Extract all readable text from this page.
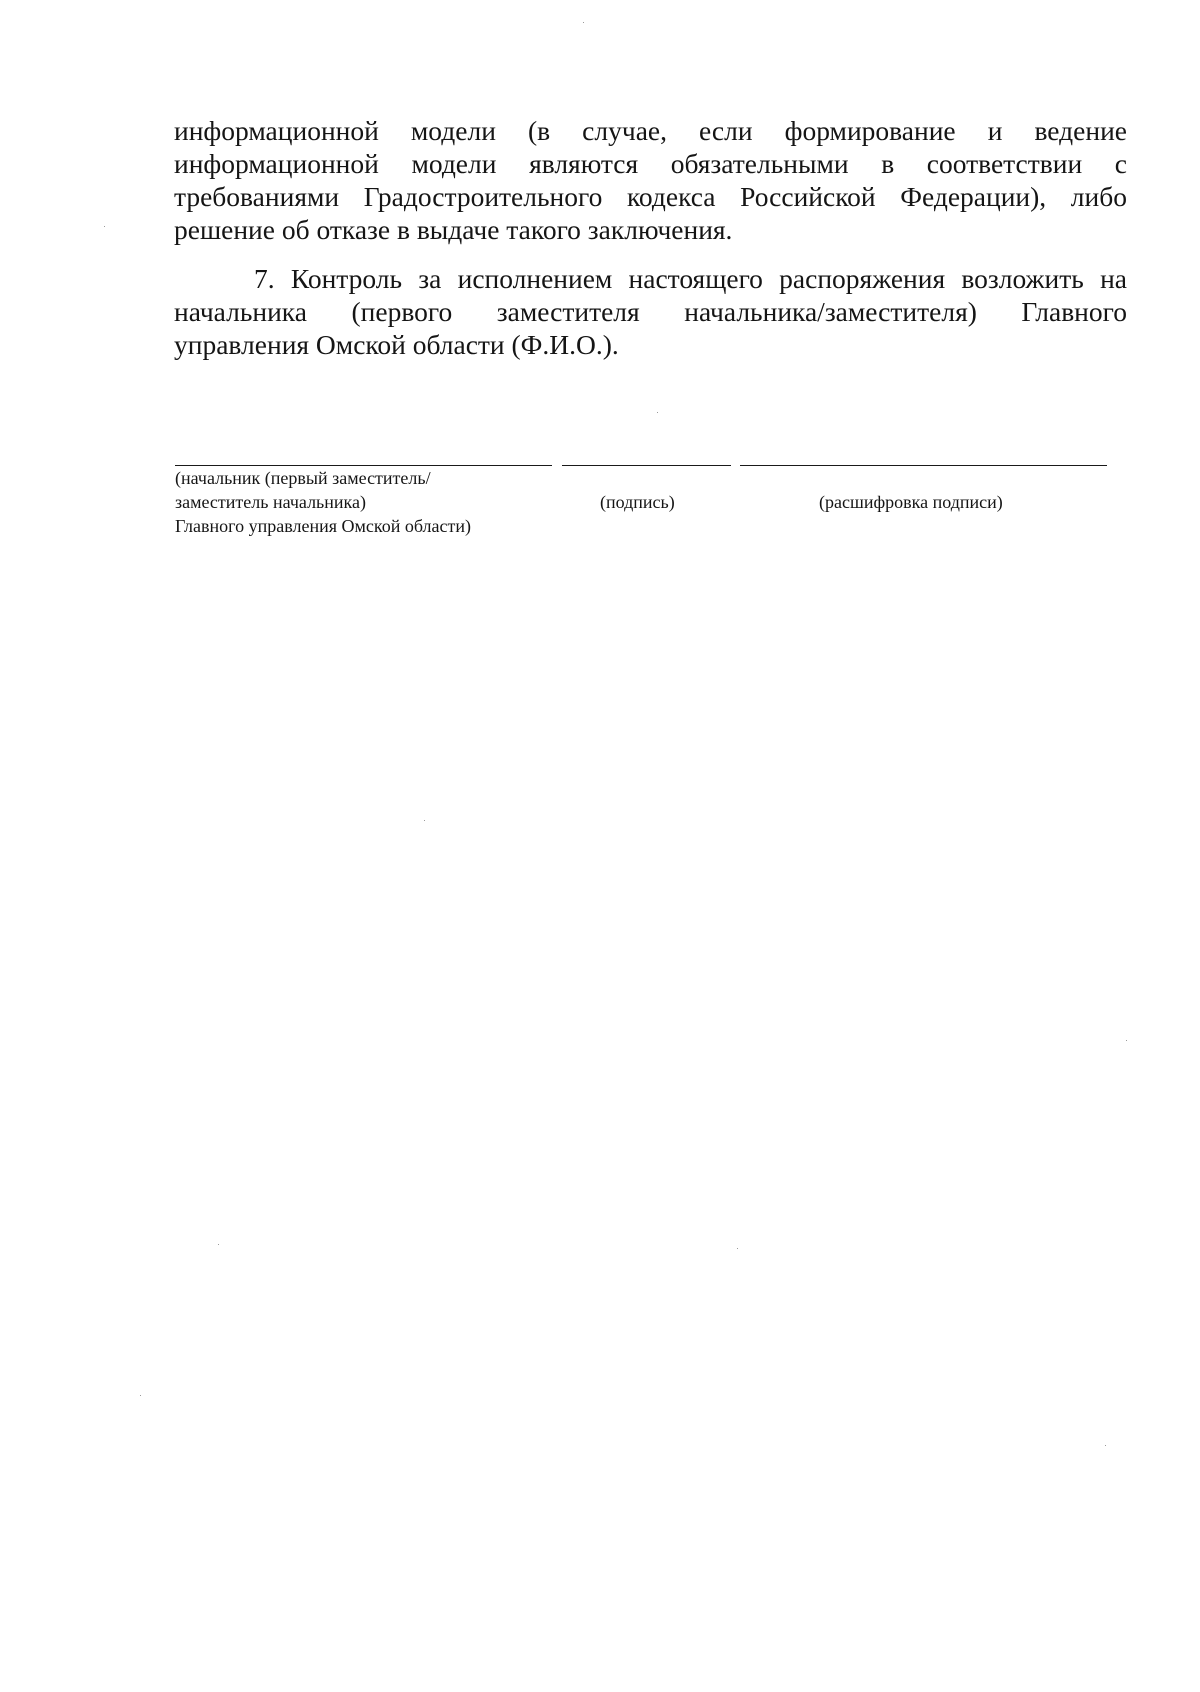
информационной модели (в случае, если формирование и ведение
информационной модели являются обязательными в соответствии с
требованиями Градостроительного кодекса Российской Федерации), либо
решение об отказе в выдаче такого заключения.
7. Контроль за исполнением настоящего распоряжения возложить на
начальника (первого заместителя начальника/заместителя) Главного
управления Омской области (Ф.И.О.).
(начальник (первый заместитель/
заместитель начальника)
Главного управления Омской области)
(подпись)	(расшифровка подписи)
